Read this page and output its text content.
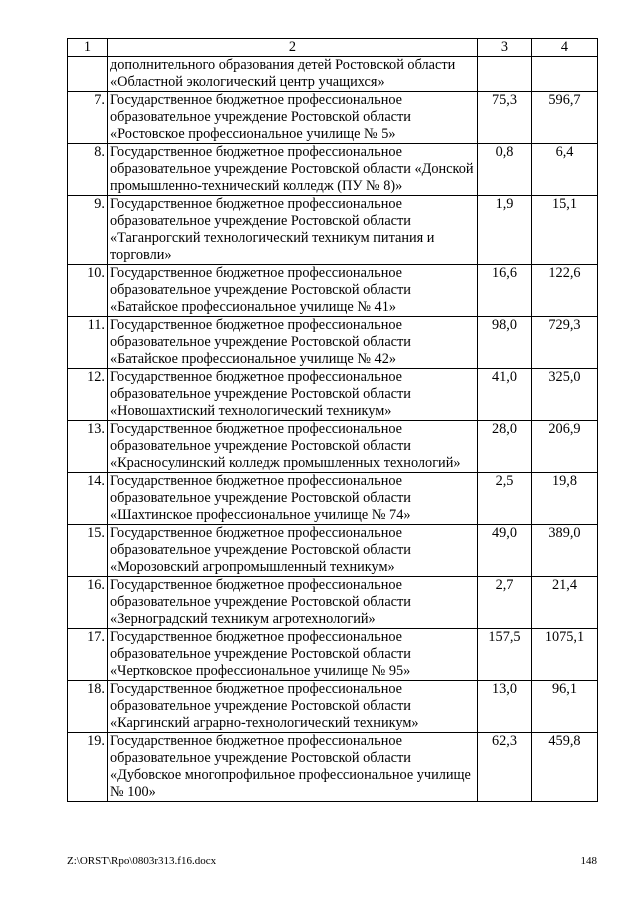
1	2	3	4
	дополнительного образования детей Ростовской области «Областной экологический центр учащихся»		
7.	Государственное бюджетное профессиональное образовательное учреждение Ростовской области «Ростовское профессиональное училище № 5»	75,3	596,7
8.	Государственное бюджетное профессиональное образовательное учреждение Ростовской области «Донской промышленно-технический колледж (ПУ № 8)»	0,8	6,4
9.	Государственное бюджетное профессиональное образовательное учреждение Ростовской области «Таганрогский технологический техникум питания и торговли»	1,9	15,1
10.	Государственное бюджетное профессиональное образовательное учреждение Ростовской области «Батайское профессиональное училище № 41»	16,6	122,6
11.	Государственное бюджетное профессиональное образовательное учреждение Ростовской области «Батайское профессиональное училище № 42»	98,0	729,3
12.	Государственное бюджетное профессиональное образовательное учреждение Ростовской области «Новошахтиский технологический техникум»	41,0	325,0
13.	Государственное бюджетное профессиональное образовательное учреждение Ростовской области «Красносулинский колледж промышленных технологий»	28,0	206,9
14.	Государственное бюджетное профессиональное образовательное учреждение Ростовской области «Шахтинское профессиональное училище № 74»	2,5	19,8
15.	Государственное бюджетное профессиональное образовательное учреждение Ростовской области «Морозовский агропромышленный техникум»	49,0	389,0
16.	Государственное бюджетное профессиональное образовательное учреждение Ростовской области «Зерноградский техникум агротехнологий»	2,7	21,4
17.	Государственное бюджетное профессиональное образовательное учреждение Ростовской области «Чертковское профессиональное училище № 95»	157,5	1075,1
18.	Государственное бюджетное профессиональное образовательное учреждение Ростовской области «Каргинский аграрно-технологический техникум»	13,0	96,1
19.	Государственное бюджетное профессиональное образовательное учреждение Ростовской области «Дубовское многопрофильное профессиональное училище № 100»	62,3	459,8
Z:\ORST\Rpo\0803r313.f16.docx	148
